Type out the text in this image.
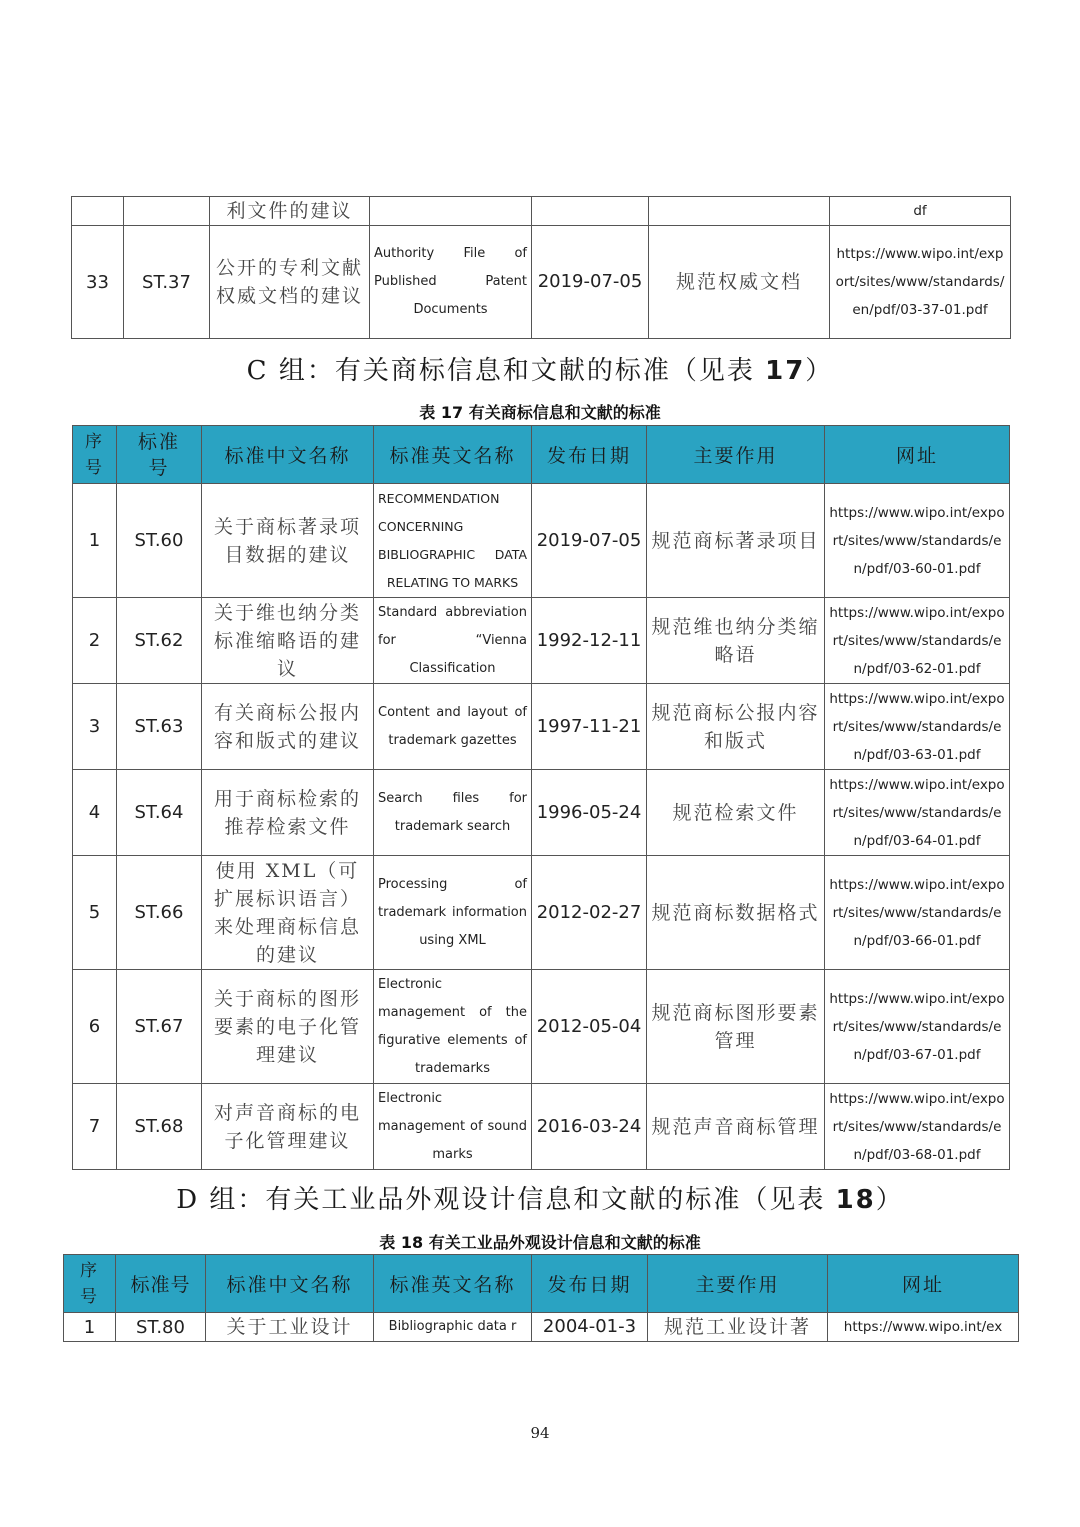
		利文件的建议				df
33	ST.37	公开的专利文献权威文档的建议	Authority File of Published Patent Documents	2019-07-05	规范权威文档	https://www.wipo.int/export/sites/www/standards/en/pdf/03-37-01.pdf
C 组：有关商标信息和文献的标准（见表 17）
表 17 有关商标信息和文献的标准
序号	标准号	标准中文名称	标准英文名称	发布日期	主要作用	网址
1	ST.60	关于商标著录项目数据的建议	RECOMMENDATION CONCERNING BIBLIOGRAPHIC DATA RELATING TO MARKS	2019-07-05	规范商标著录项目	https://www.wipo.int/export/sites/www/standards/en/pdf/03-60-01.pdf
2	ST.62	关于维也纳分类标准缩略语的建议	Standard abbreviation for “Vienna Classification	1992-12-11	规范维也纳分类缩略语	https://www.wipo.int/export/sites/www/standards/en/pdf/03-62-01.pdf
3	ST.63	有关商标公报内容和版式的建议	Content and layout of trademark gazettes	1997-11-21	规范商标公报内容和版式	https://www.wipo.int/export/sites/www/standards/en/pdf/03-63-01.pdf
4	ST.64	用于商标检索的推荐检索文件	Search files for trademark search	1996-05-24	规范检索文件	https://www.wipo.int/export/sites/www/standards/en/pdf/03-64-01.pdf
5	ST.66	使用 XML（可扩展标识语言）来处理商标信息的建议	Processing of trademark information using XML	2012-02-27	规范商标数据格式	https://www.wipo.int/export/sites/www/standards/en/pdf/03-66-01.pdf
6	ST.67	关于商标的图形要素的电子化管理建议	Electronic management of the figurative elements of trademarks	2012-05-04	规范商标图形要素管理	https://www.wipo.int/export/sites/www/standards/en/pdf/03-67-01.pdf
7	ST.68	对声音商标的电子化管理建议	Electronic management of sound marks	2016-03-24	规范声音商标管理	https://www.wipo.int/export/sites/www/standards/en/pdf/03-68-01.pdf
D 组：有关工业品外观设计信息和文献的标准（见表 18）
表 18 有关工业品外观设计信息和文献的标准
序号	标准号	标准中文名称	标准英文名称	发布日期	主要作用	网址
1	ST.80	关于工业设计	Bibliographic data r	2004-01-3	规范工业设计著	https://www.wipo.int/ex
94
